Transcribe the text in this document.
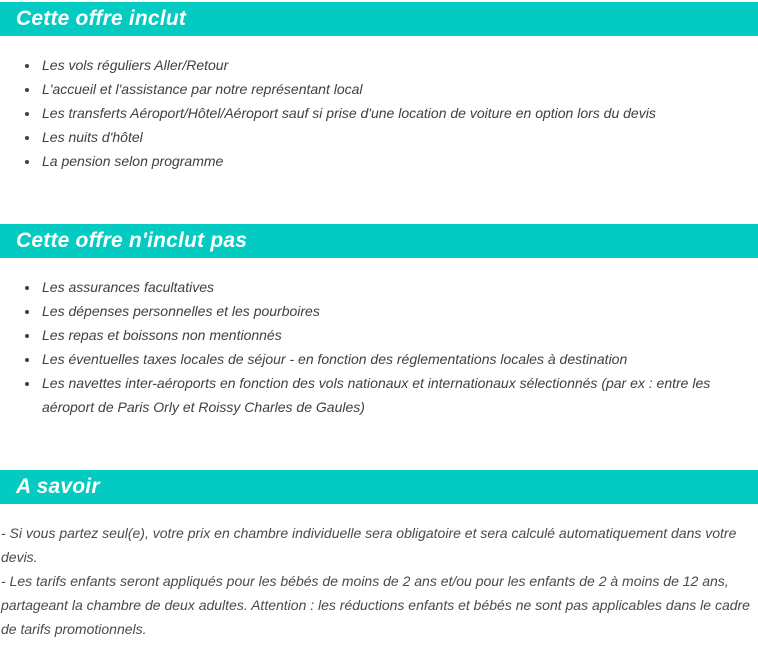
Cette offre inclut
• Les vols réguliers Aller/Retour
• L'accueil et l'assistance par notre représentant local
• Les transferts Aéroport/Hôtel/Aéroport sauf si prise d'une location de voiture en option lors du devis
• Les nuits d'hôtel
• La pension selon programme
Cette offre n'inclut pas
• Les assurances facultatives
• Les dépenses personnelles et les pourboires
• Les repas et boissons non mentionnés
• Les éventuelles taxes locales de séjour - en fonction des réglementations locales à destination
• Les navettes inter-aéroports en fonction des vols nationaux et internationaux sélectionnés (par ex : entre les aéroport de Paris Orly et Roissy Charles de Gaules)
A savoir

- Si vous partez seul(e), votre prix en chambre individuelle sera obligatoire et sera calculé automatiquement dans votre devis.

- Les tarifs enfants seront appliqués pour les bébés de moins de 2 ans et/ou pour les enfants de 2 à moins de 12 ans, partageant la chambre de deux adultes. Attention : les réductions enfants et bébés ne sont pas applicables dans le cadre de tarifs promotionnels.
